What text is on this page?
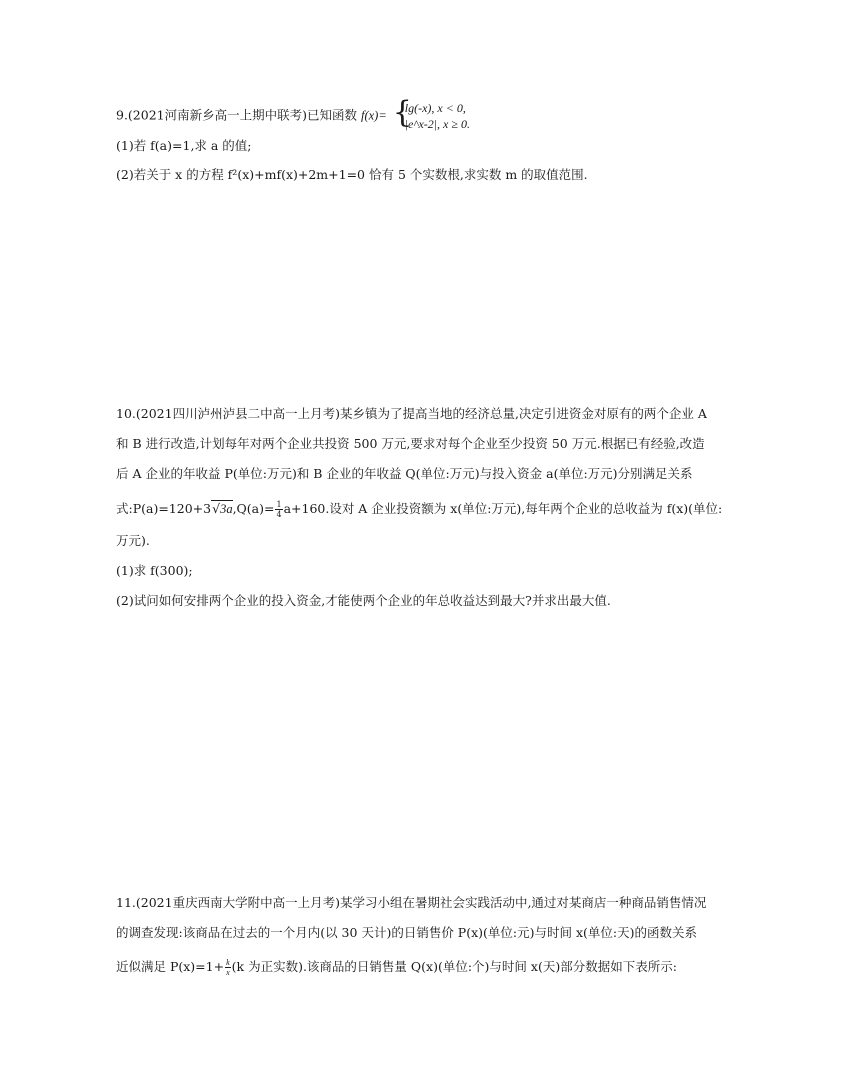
9.(2021河南新乡高一上期中联考)已知函数 f(x)= {
lg(-x), x < 0,
|e^x-2|, x ≥ 0.
(1)若 f(a)=1,求 a 的值;
(2)若关于 x 的方程 f²(x)+mf(x)+2m+1=0 恰有 5 个实数根,求实数 m 的取值范围.
10.(2021四川泸州泸县二中高一上月考)某乡镇为了提高当地的经济总量,决定引进资金对原有的两个企业 A
和 B 进行改造,计划每年对两个企业共投资 500 万元,要求对每个企业至少投资 50 万元.根据已有经验,改造
后 A 企业的年收益 P(单位:万元)和 B 企业的年收益 Q(单位:万元)与投入资金 a(单位:万元)分别满足关系
式:P(a)=120+3√3a,Q(a)= $\frac{1}{4} a+160$.设对 A 企业投资额为 x(单位:万元),每年两个企业的总收益为 f(x)(单位:
万元).
(1)求 f(300);
(2)试问如何安排两个企业的投入资金,才能使两个企业的年总收益达到最大?并求出最大值.
11.(2021重庆西南大学附中高一上月考)某学习小组在暑期社会实践活动中,通过对某商店一种商品销售情况
的调查发现:该商品在过去的一个月内(以 30 天计)的日销售价 P(x)(单位:元)与时间 x(单位:天)的函数关系
近似满足 $P(x)=1+ \frac{k}{x} (k$ 为正实数).该商品的日销售量 Q(x)(单位:个)与时间 x(天)部分数据如下表所示:
